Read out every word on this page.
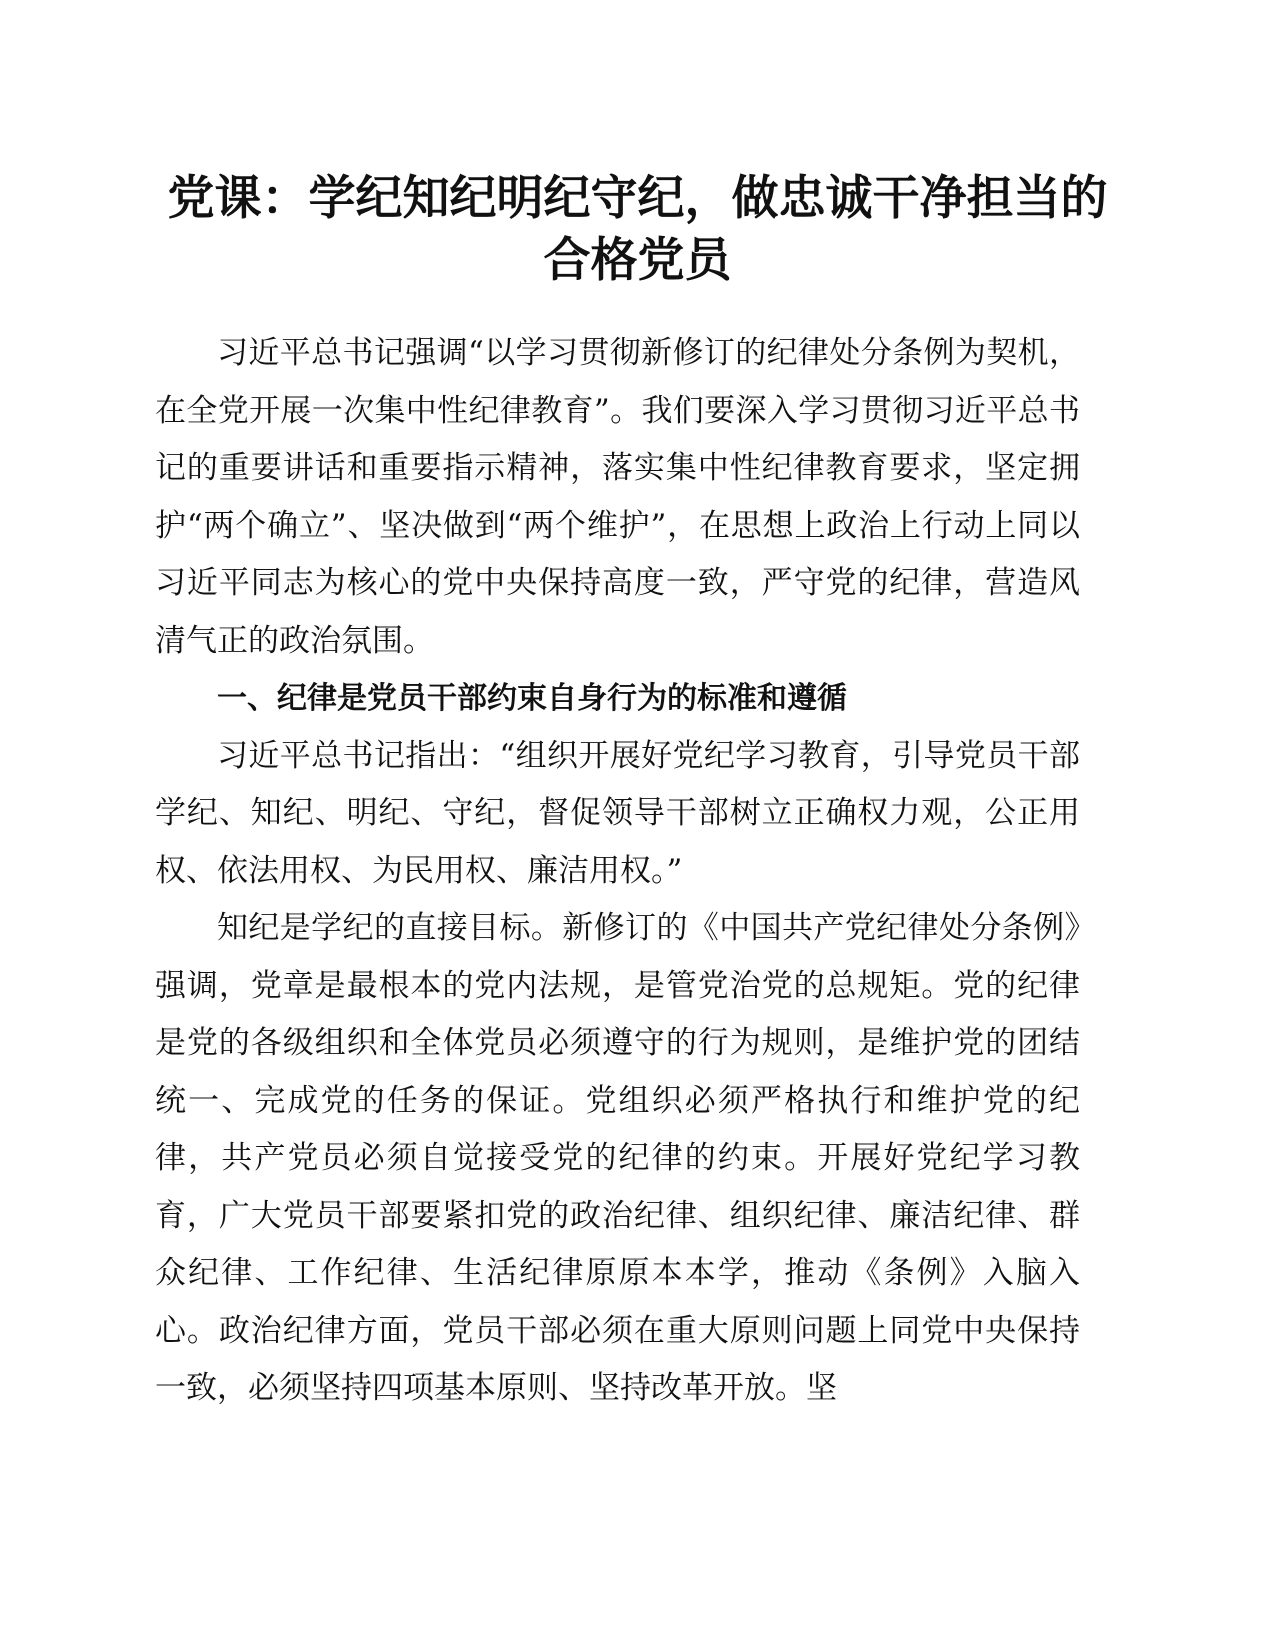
党课：学纪知纪明纪守纪，做忠诚干净担当的
合格党员

习近平总书记强调“以学习贯彻新修订的纪律处分条例为契机，在全党开展一次集中性纪律教育”。我们要深入学习贯彻习近平总书记的重要讲话和重要指示精神，落实集中性纪律教育要求，坚定拥护“两个确立”、坚决做到“两个维护”，在思想上政治上行动上同以习近平同志为核心的党中央保持高度一致，严守党的纪律，营造风清气正的政治氛围。

一、纪律是党员干部约束自身行为的标准和遵循

习近平总书记指出：“组织开展好党纪学习教育，引导党员干部学纪、知纪、明纪、守纪，督促领导干部树立正确权力观，公正用权、依法用权、为民用权、廉洁用权。”

知纪是学纪的直接目标。新修订的《中国共产党纪律处分条例》强调，党章是最根本的党内法规，是管党治党的总规矩。党的纪律是党的各级组织和全体党员必须遵守的行为规则，是维护党的团结统一、完成党的任务的保证。党组织必须严格执行和维护党的纪律，共产党员必须自觉接受党的纪律的约束。开展好党纪学习教育，广大党员干部要紧扣党的政治纪律、组织纪律、廉洁纪律、群众纪律、工作纪律、生活纪律原原本本学，推动《条例》入脑入心。政治纪律方面，党员干部必须在重大原则问题上同党中央保持一致，必须坚持四项基本原则、坚持改革开放。坚
